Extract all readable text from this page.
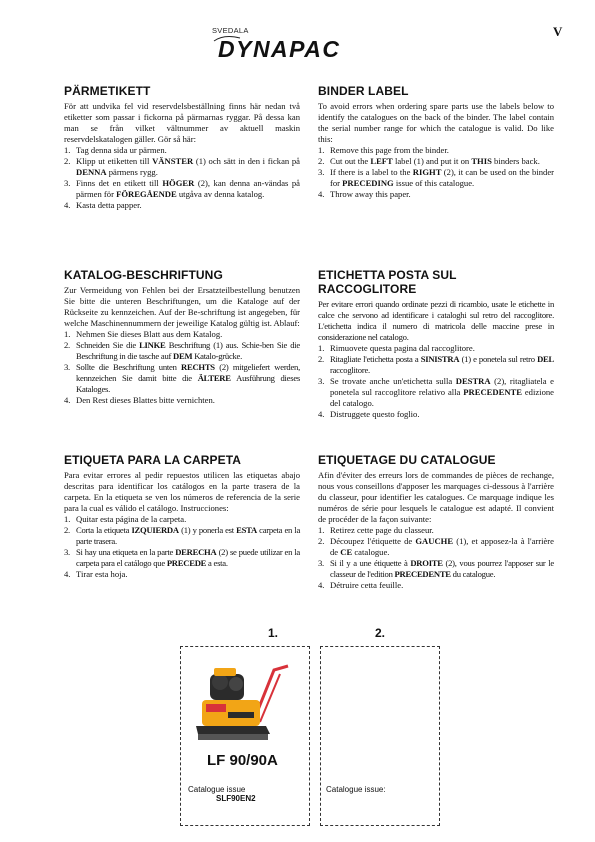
V
SVEDALA
DYNAPAC
PÄRMETIKETT

För att undvika fel vid reservdelsbeställning finns här nedan två etiketter som passar i fickorna på pärmarnas ryggar. På dessa kan man se från vilket vältnummer av aktuell maskin reservdelskatalogen gäller. Gör så här:

1. Tag denna sida ur pärmen.
2. Klipp ut etiketten till VÄNSTER (1) och sätt in den i fickan på DENNA pärmens rygg.
3. Finns det en etikett till HÖGER (2), kan denna an-vändas på pärmen för FÖREGÅENDE utgåva av denna katalog.
4. Kasta detta papper.
BINDER LABEL

To avoid errors when ordering spare parts use the labels below to identify the catalogues on the back of the binder. The label contain the serial number range for which the catalogue is valid. Do like this:

1. Remove this page from the binder.
2. Cut out the LEFT label (1) and put it on THIS binders back.
3. If there is a label to the RIGHT (2), it can be used on the binder for PRECEDING issue of this catalogue.
4. Throw away this paper.
KATALOG-BESCHRIFTUNG

Zur Vermeidung von Fehlen bei der Ersatzteilbestellung benutzen Sie bitte die unteren Beschriftungen, um die Kataloge auf der Rückseite zu kennzeichen. Auf der Be-schriftung ist angegeben, für welche Maschinennummern der jeweilige Katalog gültig ist. Ablauf:

1. Nehmen Sie dieses Blatt aus dem Katalog.
2. Schneiden Sie die LINKE Beschriftung (1) aus. Schie-ben Sie die Beschriftung in die tasche auf DEM Katalo-grücke.
3. Sollte die Beschriftung unten RECHTS (2) mitgeliefert werden, kennzeichen Sie damit bitte die ÄLTERE Ausführung dieses Kataloges.
4. Den Rest dieses Blattes bitte vernichten.
ETICHETTA POSTA SUL RACCOGLITORE

Per evitare errori quando ordinate pezzi di ricambio, usate le etichette in calce che servono ad identificare i cataloghi sul retro del raccoglitore. L'etichetta indica il numero di matricola delle maccine prese in considerazione nel catalogo.

1. Rimuovete questa pagina dal raccoglitore.
2. Ritagliate l'etichetta posta a SINISTRA (1) e ponetela sul retro DEL raccoglitore.
3. Se trovate anche un'etichetta sulla DESTRA (2), ritagliatela e ponetela sul raccoglitore relativo alla PRECEDENTE edizione del catalogo.
4. Distruggete questo foglio.
ETIQUETA PARA LA CARPETA

Para evitar errores al pedir repuestos utilicen las etiquetas abajo descritas para identificar los catálogos en la parte trasera de la carpeta. En la etiqueta se ven los números de referencia de la serie para la cual es válido el catálogo. Instrucciones:

1. Quitar esta página de la carpeta.
2. Corta la etiqueta IZQUIERDA (1) y ponerla est ESTA carpeta en la parte trasera.
3. Si hay una etiqueta en la parte DERECHA (2) se puede utilizar en la carpeta para el catálogo que PRECEDE a esta.
4. Tirar esta hoja.
ETIQUETAGE DU CATALOGUE

Afin d'éviter des erreurs lors de commandes de pièces de rechange, nous vous conseillons d'apposer les marquages ci-dessous à l'arrière du classeur, pour identifier les catalogues. Ce marquage indique les numéros de série pour lesquels le catalogue est adapté. Il convient de procéder de la façon suivante:

1. Retirez cette page du classeur.
2. Découpez l'étiquette de GAUCHE (1), et apposez-la à l'arrière de CE catalogue.
3. Si il y a une étiquette à DROITE (2), vous pourrez l'apposer sur le classeur de l'edition PRECEDENTE du catalogue.
4. Détruire cetta feuille.
1.	2.
LF 90/90A
Catalogue issue
SLF90EN2
Catalogue issue:
